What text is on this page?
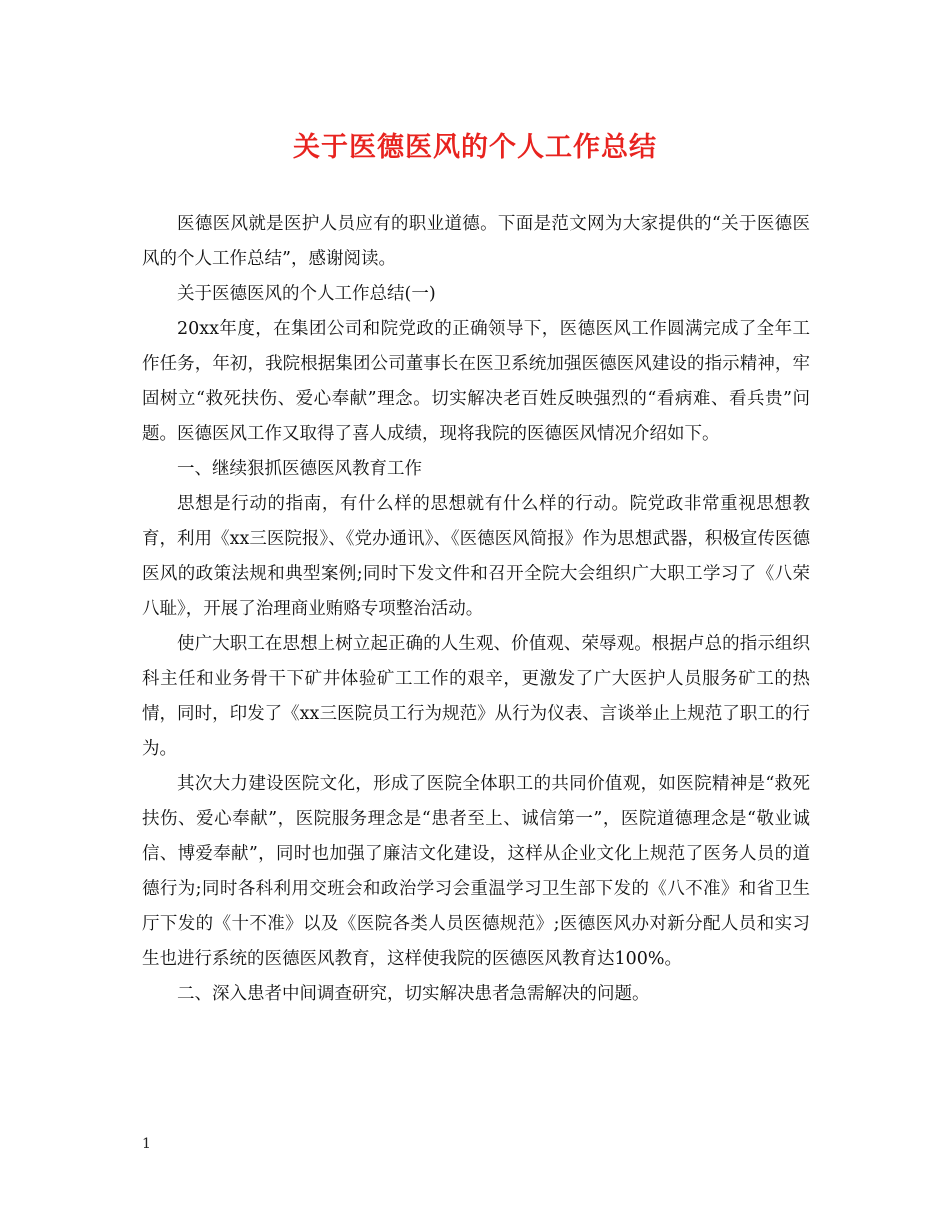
关于医德医风的个人工作总结

医德医风就是医护人员应有的职业道德。下面是范文网为大家提供的“关于医德医风的个人工作总结”，感谢阅读。

关于医德医风的个人工作总结(一)

20xx年度，在集团公司和院党政的正确领导下，医德医风工作圆满完成了全年工作任务，年初，我院根据集团公司董事长在医卫系统加强医德医风建设的指示精神，牢固树立“救死扶伤、爱心奉献”理念。切实解决老百姓反映强烈的“看病难、看兵贵”问题。医德医风工作又取得了喜人成绩，现将我院的医德医风情况介绍如下。

一、继续狠抓医德医风教育工作

思想是行动的指南，有什么样的思想就有什么样的行动。院党政非常重视思想教育，利用《xx三医院报》、《党办通讯》、《医德医风简报》作为思想武器，积极宣传医德医风的政策法规和典型案例;同时下发文件和召开全院大会组织广大职工学习了《八荣八耻》，开展了治理商业贿赂专项整治活动。

使广大职工在思想上树立起正确的人生观、价值观、荣辱观。根据卢总的指示组织科主任和业务骨干下矿井体验矿工工作的艰辛，更激发了广大医护人员服务矿工的热情，同时，印发了《xx三医院员工行为规范》从行为仪表、言谈举止上规范了职工的行为。

其次大力建设医院文化，形成了医院全体职工的共同价值观，如医院精神是“救死扶伤、爱心奉献”，医院服务理念是“患者至上、诚信第一”，医院道德理念是“敬业诚信、博爱奉献”，同时也加强了廉洁文化建设，这样从企业文化上规范了医务人员的道德行为;同时各科利用交班会和政治学习会重温学习卫生部下发的《八不准》和省卫生厅下发的《十不准》以及《医院各类人员医德规范》;医德医风办对新分配人员和实习生也进行系统的医德医风教育，这样使我院的医德医风教育达100%。

二、深入患者中间调查研究，切实解决患者急需解决的问题。

1
